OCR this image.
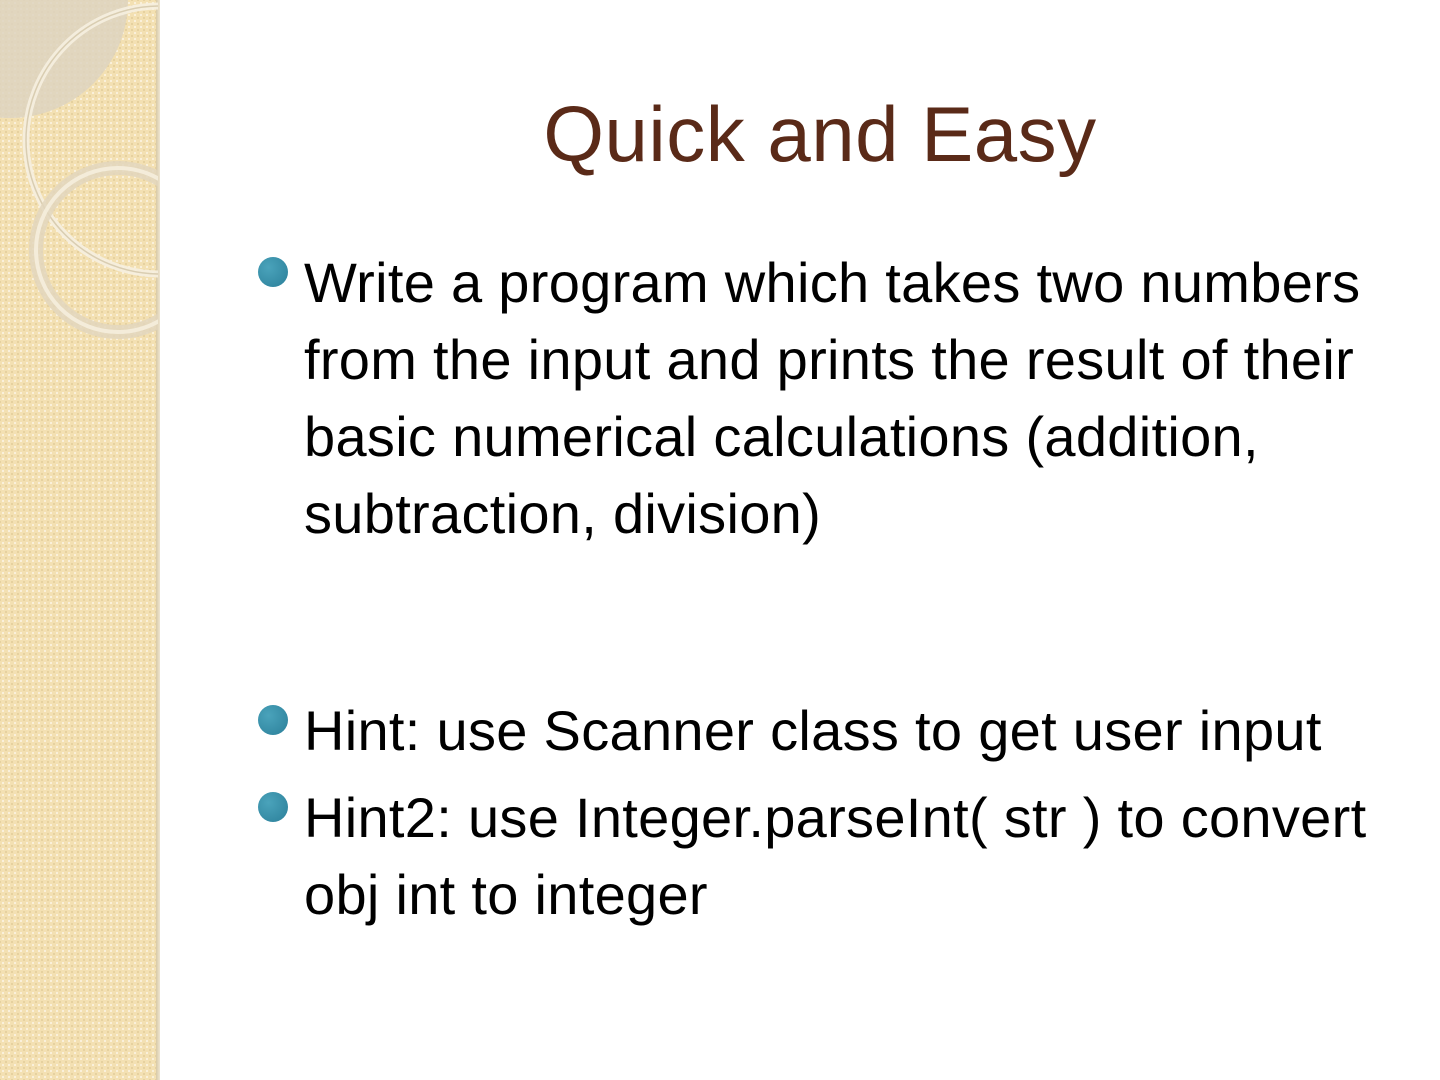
Quick and Easy
Write a program which takes two numbers from the input and prints the result of their basic numerical calculations (addition, subtraction, division)
Hint: use Scanner class to get user input
Hint2: use Integer.parseInt( str ) to convert obj int to integer
